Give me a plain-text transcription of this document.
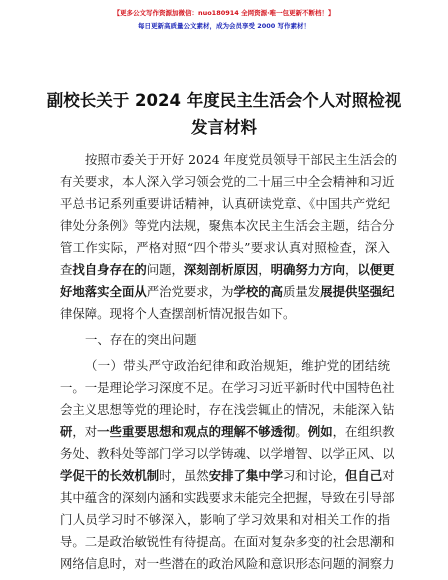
【更多公文写作资源加微信：nuo180914 全网资源·唯一包更新不断档！】
每日更新高质量公文素材，成为会员享受 2000 写作素材！
副校长关于 2024 年度民主生活会个人对照检视
发言材料
按照市委关于开好 2024 年度党员领导干部民主生活会的
有关要求，本人深入学习领会党的二十届三中全会精神和习近
平总书记系列重要讲话精神，认真研读党章、《中国共产党纪
律处分条例》等党内法规，聚焦本次民主生活会主题，结合分
管工作实际，严格对照“四个带头”要求认真对照检查，深入
查找自身存在的问题，深刻剖析原因，明确努力方向，以便更
好地落实全面从严治党要求，为学校的高质量发展提供坚强纪
律保障。现将个人查摆剖析情况报告如下。
一、存在的突出问题
（一）带头严守政治纪律和政治规矩，维护党的团结统
一。一是理论学习深度不足。在学习习近平新时代中国特色社
会主义思想等党的理论时，存在浅尝辄止的情况，未能深入钻
研，对一些重要思想和观点的理解不够透彻。例如，在组织教
务处、教科处等部门学习以学铸魂、以学增智、以学正风、以
学促干的长效机制时，虽然安排了集中学习和讨论，但自己对
其中蕴含的深刻内涵和实践要求未能完全把握，导致在引导部
门人员学习时不够深入，影响了学习效果和对相关工作的指
导。二是政治敏锐性有待提高。在面对复杂多变的社会思潮和
网络信息时，对一些潜在的政治风险和意识形态问题的洞察力
